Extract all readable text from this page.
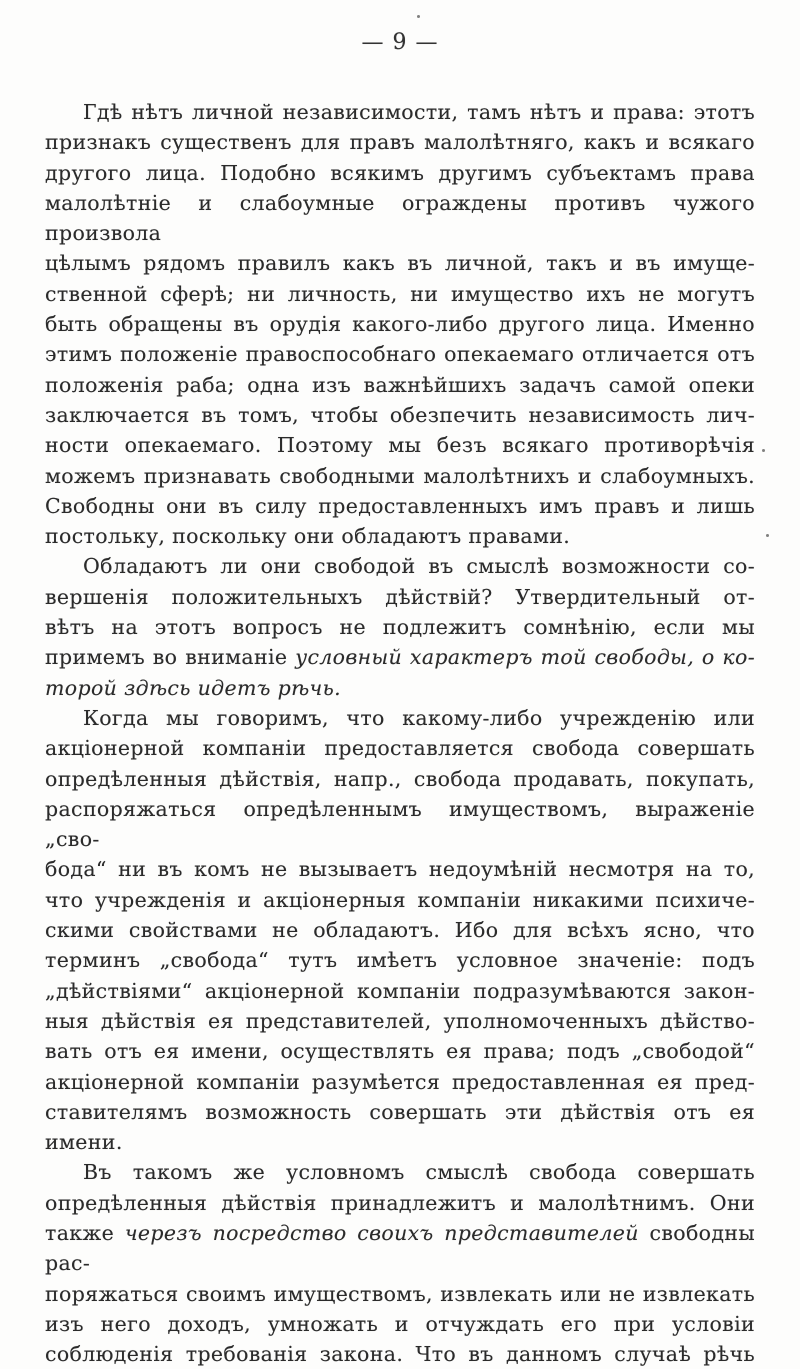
— 9 —
Гдѣ нѣтъ личной независимости, тамъ нѣтъ и права: этотъ
признакъ существенъ для правъ малолѣтняго, какъ и всякаго
другого лица. Подобно всякимъ другимъ субъектамъ права
малолѣтніе и слабоумные ограждены противъ чужого произвола
цѣлымъ рядомъ правилъ какъ въ личной, такъ и въ имуще-
ственной сферѣ; ни личность, ни имущество ихъ не могутъ
быть обращены въ орудія какого-либо другого лица. Именно
этимъ положеніе правоспособнаго опекаемаго отличается отъ
положенія раба; одна изъ важнѣйшихъ задачъ самой опеки
заключается въ томъ, чтобы обезпечить независимость лич-
ности опекаемаго. Поэтому мы безъ всякаго противорѣчія
можемъ признавать свободными малолѣтнихъ и слабоумныхъ.
Свободны они въ силу предоставленныхъ имъ правъ и лишь
постольку, поскольку они обладаютъ правами.
Обладаютъ ли они свободой въ смыслѣ возможности со-
вершенія положительныхъ дѣйствій? Утвердительный от-
вѣтъ на этотъ вопросъ не подлежитъ сомнѣнію, если мы
примемъ во вниманіе условный характеръ той свободы, о ко-
торой здѣсь идетъ рѣчь.
Когда мы говоримъ, что какому-либо учрежденію или
акціонерной компаніи предоставляется свобода совершать
опредѣленныя дѣйствія, напр., свобода продавать, покупать,
распоряжаться опредѣленнымъ имуществомъ, выраженіе „сво-
бода“ ни въ комъ не вызываетъ недоумѣній несмотря на то,
что учрежденія и акціонерныя компаніи никакими психиче-
скими свойствами не обладаютъ. Ибо для всѣхъ ясно, что
терминъ „свобода“ тутъ имѣетъ условное значеніе: подъ
„дѣйствіями“ акціонерной компаніи подразумѣваются закон-
ныя дѣйствія ея представителей, уполномоченныхъ дѣйство-
вать отъ ея имени, осуществлять ея права; подъ „свободой“
акціонерной компаніи разумѣется предоставленная ея пред-
ставителямъ возможность совершать эти дѣйствія отъ ея
имени.
Въ такомъ же условномъ смыслѣ свобода совершать
опредѣленныя дѣйствія принадлежитъ и малолѣтнимъ. Они
также черезъ посредство своихъ представителей свободны рас-
поряжаться своимъ имуществомъ, извлекать или не извлекать
изъ него доходъ, умножать и отчуждать его при условіи
соблюденія требованія закона. Что въ данномъ случаѣ рѣчь
